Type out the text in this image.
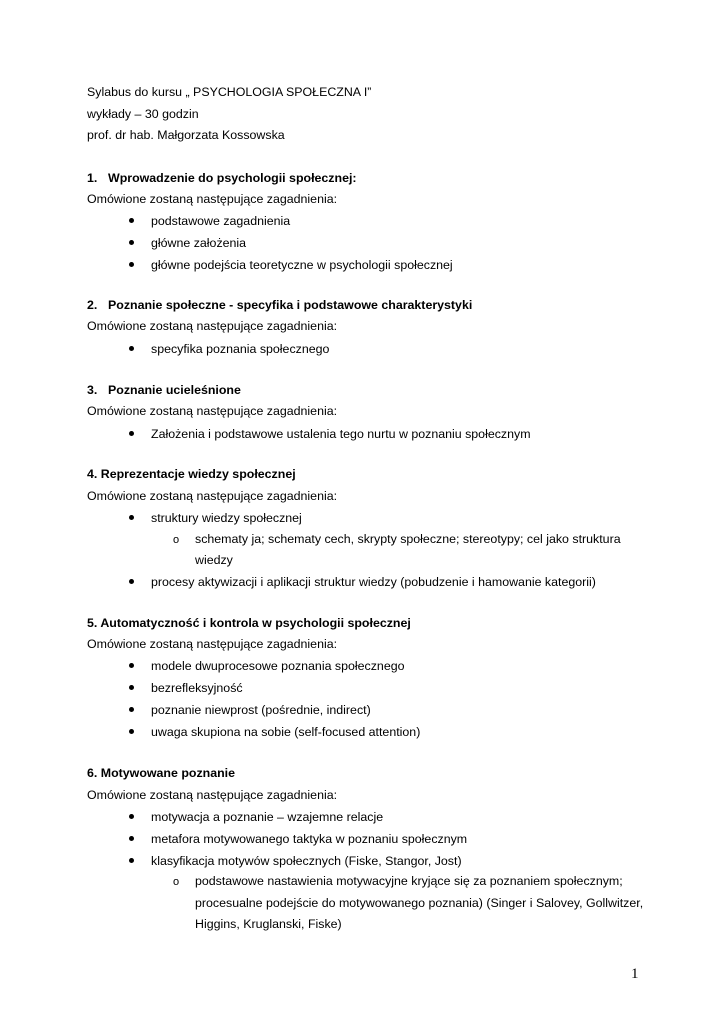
Sylabus do kursu „ PSYCHOLOGIA SPOŁECZNA I”
wykłady – 30 godzin
prof. dr hab. Małgorzata Kossowska
1. Wprowadzenie do psychologii społecznej:
Omówione zostaną następujące zagadnienia:
podstawowe zagadnienia
główne założenia
główne podejścia teoretyczne w psychologii społecznej
2. Poznanie społeczne - specyfika i podstawowe charakterystyki
Omówione zostaną następujące zagadnienia:
specyfika poznania społecznego
3. Poznanie ucieleśnione
Omówione zostaną następujące zagadnienia:
Założenia i podstawowe ustalenia tego nurtu w poznaniu społecznym
4. Reprezentacje wiedzy społecznej
Omówione zostaną następujące zagadnienia:
struktury wiedzy społecznej
o schematy ja; schematy cech, skrypty społeczne; stereotypy; cel jako struktura
wiedzy
procesy aktywizacji i aplikacji struktur wiedzy (pobudzenie i hamowanie kategorii)
5. Automatyczność i kontrola w psychologii społecznej
Omówione zostaną następujące zagadnienia:
modele dwuprocesowe poznania społecznego
bezrefleksyjność
poznanie niewprost (pośrednie, indirect)
uwaga skupiona na sobie (self-focused attention)
6. Motywowane poznanie
Omówione zostaną następujące zagadnienia:
motywacja a poznanie – wzajemne relacje
metafora motywowanego taktyka w poznaniu społecznym
klasyfikacja motywów społecznych (Fiske, Stangor, Jost)
o podstawowe nastawienia motywacyjne kryjące się za poznaniem społecznym;
procesualne podejście do motywowanego poznania) (Singer i Salovey, Gollwitzer,
Higgins, Kruglanski, Fiske)
1
